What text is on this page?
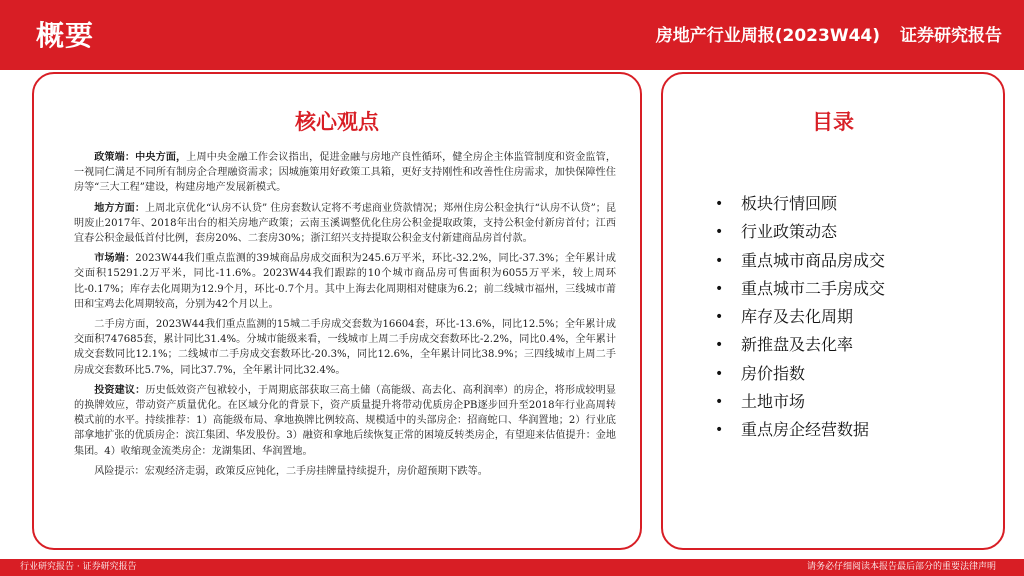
概要	房地产行业周报(2023W44) 证券研究报告
核心观点

政策端：中央方面，上周中央金融工作会议指出，促进金融与房地产良性循环，健全房企主体监管制度和资金监管，一视同仁满足不同所有制房企合理融资需求；因城施策用好政策工具箱，更好支持刚性和改善性住房需求，加快保障性住房等“三大工程”建设，构建房地产发展新模式。

地方方面：上周北京优化“认房不认贷” 住房套数认定将不考虑商业贷款情况；郑州住房公积金执行“认房不认贷”；昆明废止2017年、2018年出台的相关房地产政策；云南玉溪调整优化住房公积金提取政策，支持公积金付新房首付；江西宜春公积金最低首付比例，套房20%、二套房30%；浙江绍兴支持提取公积金支付新建商品房首付款。

市场端：2023W44我们重点监测的39城商品房成交面积为245.6万平米，环比-32.2%，同比-37.3%；全年累计成交面积15291.2万平米，同比-11.6%。2023W44我们跟踪的10个城市商品房可售面积为6055万平米，较上周环比-0.17%；库存去化周期为12.9个月，环比-0.7个月。其中上海去化周期相对健康为6.2；前二线城市福州，三线城市莆田和宝鸡去化周期较高，分别为42个月以上。

二手房方面，2023W44我们重点监测的15城二手房成交套数为16604套，环比-13.6%，同比12.5%；全年累计成交面积747685套，累计同比31.4%。分城市能级来看，一线城市上周二手房成交套数环比-2.2%，同比0.4%，全年累计成交套数同比12.1%；二线城市二手房成交套数环比-20.3%，同比12.6%，全年累计同比38.9%；三四线城市上周二手房成交套数环比5.7%，同比37.7%，全年累计同比32.4%。

投资建议：历史低效资产包袱较小，于周期底部获取三高土储（高能级、高去化、高利润率）的房企，将形成较明显的换牌效应，带动资产质量优化。在区域分化的背景下，资产质量提升将带动优质房企PB逐步回升至2018年行业高周转模式前的水平。持续推荐：1）高能级布局、拿地换牌比例较高、规模适中的头部房企：招商蛇口、华润置地；2）行业底部拿地扩张的优质房企：滨江集团、华发股份。3）融资和拿地后续恢复正常的困境反转类房企，有望迎来估值提升：金地集团。4）收缩现金流类房企：龙湖集团、华润置地。

风险提示：宏观经济走弱，政策反应钝化，二手房挂牌量持续提升，房价超预期下跌等。

目录
• 板块行情回顾
• 行业政策动态
• 重点城市商品房成交
• 重点城市二手房成交
• 库存及去化周期
• 新推盘及去化率
• 房价指数
• 土地市场
• 重点房企经营数据
行业研究报告 · 证券研究报告	请务必仔细阅读本报告最后部分的重要法律声明
